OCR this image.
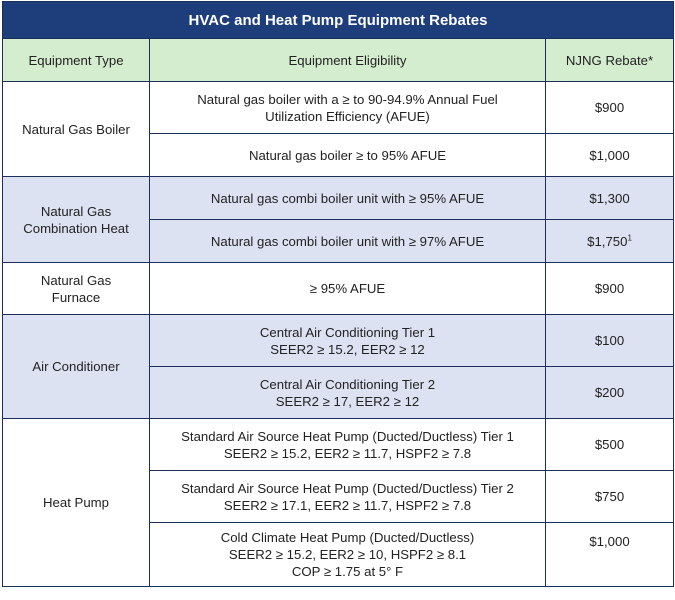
HVAC and Heat Pump Equipment Rebates		
Equipment Type	Equipment Eligibility	NJNG Rebate*
Natural Gas Boiler	Natural gas boiler with a ≥ to 90-94.9% Annual Fuel
Utilization Efficiency (AFUE)	$900

	Natural gas boiler ≥ to 95% AFUE	$1,000

Natural Gas
Combination Heat	Natural gas combi boiler unit with ≥ 95% AFUE	$1,300

	Natural gas combi boiler unit with ≥ 97% AFUE	$1,750$^1$

Natural Gas
Furnace	≥ 95% AFUE	$900
Air Conditioner	Central Air Conditioning Tier 1
SEER2 ≥ 15.2, EER2 ≥ 12	$100

	Central Air Conditioning Tier 2
SEER2 ≥ 17, EER2 ≥ 12	$200
Heat Pump	Standard Air Source Heat Pump (Ducted/Ductless) Tier 1
SEER2 ≥ 15.2, EER2 ≥ 11.7, HSPF2 ≥ 7.8	$500

	Standard Air Source Heat Pump (Ducted/Ductless) Tier 2
SEER2 ≥ 17.1, EER2 ≥ 11.7, HSPF2 ≥ 7.8	$750

	Cold Climate Heat Pump (Ducted/Ductless)
SEER2 ≥ 15.2, EER2 ≥ 10, HSPF2 ≥ 8.1
COP ≥ 1.75 at 5° F	$1,000
